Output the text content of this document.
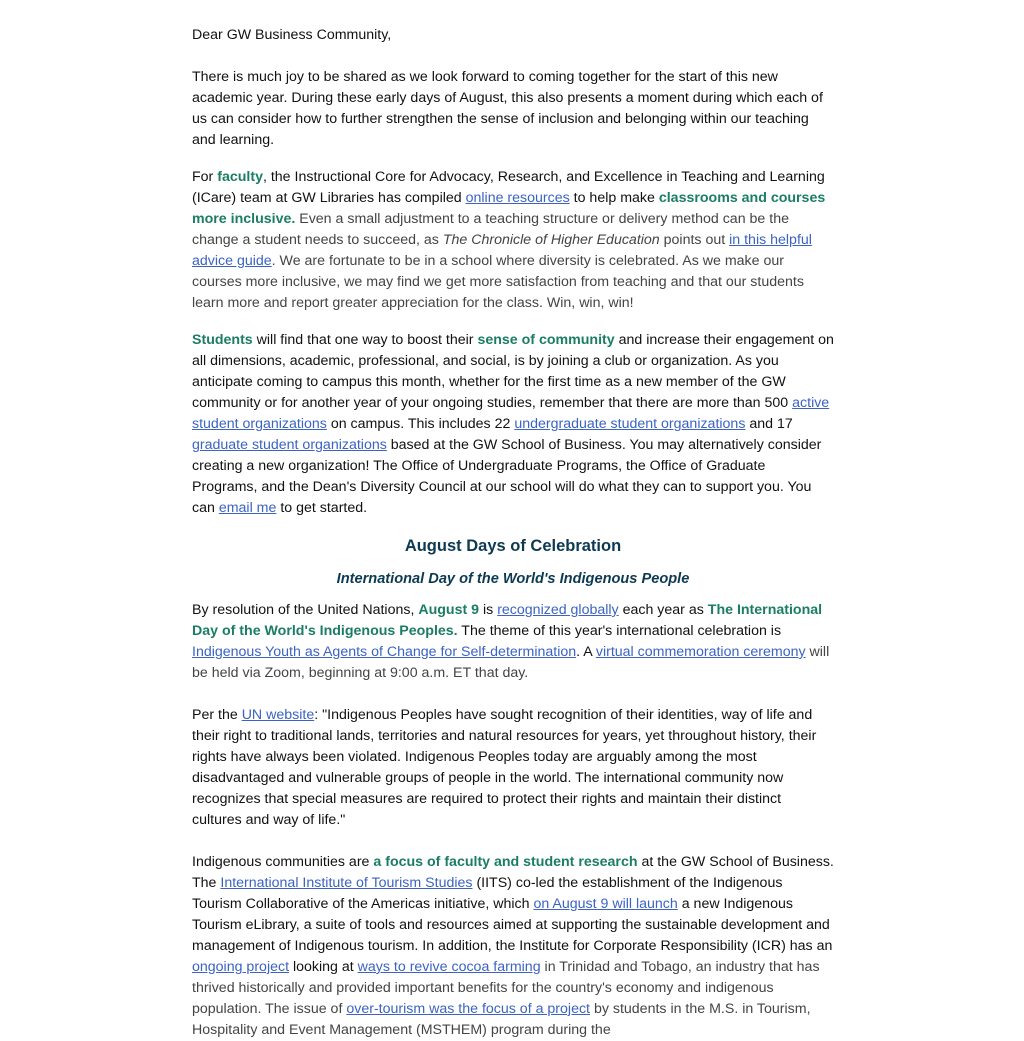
Dear GW Business Community,

There is much joy to be shared as we look forward to coming together for the start of this new academic year. During these early days of August, this also presents a moment during which each of us can consider how to further strengthen the sense of inclusion and belonging within our teaching and learning.

For faculty, the Instructional Core for Advocacy, Research, and Excellence in Teaching and Learning (ICare) team at GW Libraries has compiled online resources to help make classrooms and courses more inclusive. Even a small adjustment to a teaching structure or delivery method can be the change a student needs to succeed, as The Chronicle of Higher Education points out in this helpful advice guide. We are fortunate to be in a school where diversity is celebrated. As we make our courses more inclusive, we may find we get more satisfaction from teaching and that our students learn more and report greater appreciation for the class. Win, win, win!

Students will find that one way to boost their sense of community and increase their engagement on all dimensions, academic, professional, and social, is by joining a club or organization. As you anticipate coming to campus this month, whether for the first time as a new member of the GW community or for another year of your ongoing studies, remember that there are more than 500 active student organizations on campus. This includes 22 undergraduate student organizations and 17 graduate student organizations based at the GW School of Business. You may alternatively consider creating a new organization! The Office of Undergraduate Programs, the Office of Graduate Programs, and the Dean's Diversity Council at our school will do what they can to support you. You can email me to get started.

August Days of Celebration
International Day of the World's Indigenous People

By resolution of the United Nations, August 9 is recognized globally each year as The International Day of the World's Indigenous Peoples. The theme of this year's international celebration is Indigenous Youth as Agents of Change for Self-determination. A virtual commemoration ceremony will be held via Zoom, beginning at 9:00 a.m. ET that day.

Per the UN website: "Indigenous Peoples have sought recognition of their identities, way of life and their right to traditional lands, territories and natural resources for years, yet throughout history, their rights have always been violated. Indigenous Peoples today are arguably among the most disadvantaged and vulnerable groups of people in the world. The international community now recognizes that special measures are required to protect their rights and maintain their distinct cultures and way of life."

Indigenous communities are a focus of faculty and student research at the GW School of Business. The International Institute of Tourism Studies (IITS) co-led the establishment of the Indigenous Tourism Collaborative of the Americas initiative, which on August 9 will launch a new Indigenous Tourism eLibrary, a suite of tools and resources aimed at supporting the sustainable development and management of Indigenous tourism. In addition, the Institute for Corporate Responsibility (ICR) has an ongoing project looking at ways to revive cocoa farming in Trinidad and Tobago, an industry that has thrived historically and provided important benefits for the country's economy and indigenous population. The issue of over-tourism was the focus of a project by students in the M.S. in Tourism, Hospitality and Event Management (MSTHEM) program during the
